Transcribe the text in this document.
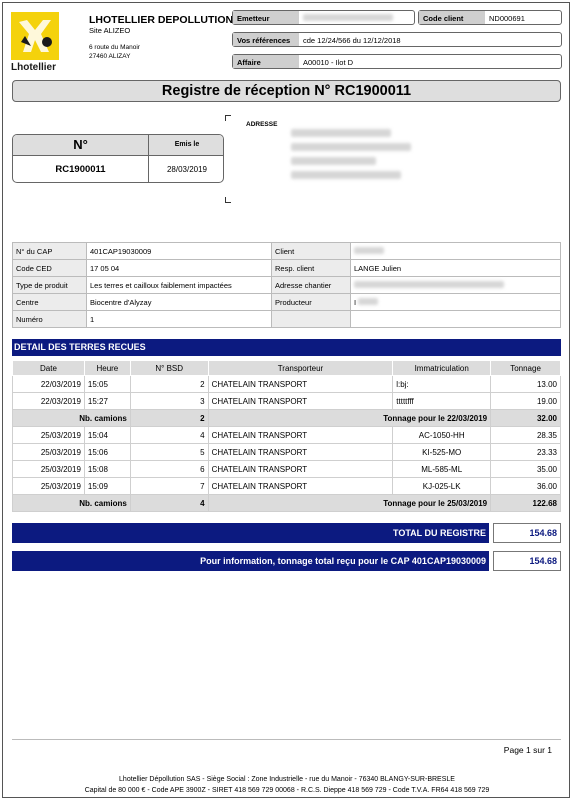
Lhotellier
LHOTELLIER DEPOLLUTION
Site ALIZEO
6 route du Manoir
27460 ALIZAY
Emetteur	Code client	ND000691
Vos références	cde 12/24/566 du 12/12/2018
Affaire	A00010 - Ilot D
Registre de réception N° RC1900011
N°	Emis le
RC1900011	28/03/2019
ADRESSE
N° du CAP	401CAP19030009	Client	
Code CED	17 05 04	Resp. client	LANGE Julien
Type de produit	Les terres et cailloux faiblement impactées	Adresse chantier	
Centre	Biocentre d'Alyzay	Producteur	I
Numéro	1		
DETAIL DES TERRES RECUES
Date	Heure	N° BSD	Transporteur	Immatriculation	Tonnage
22/03/2019	15:05	2	CHATELAIN TRANSPORT	l:bj:	13.00
22/03/2019	15:27	3	CHATELAIN TRANSPORT	tttttfff	19.00
Nb. camions		2	Tonnage pour le 22/03/2019		32.00
25/03/2019	15:04	4	CHATELAIN TRANSPORT	AC-1050-HH	28.35
25/03/2019	15:06	5	CHATELAIN TRANSPORT	KI-525-MO	23.33
25/03/2019	15:08	6	CHATELAIN TRANSPORT	ML-585-ML	35.00
25/03/2019	15:09	7	CHATELAIN TRANSPORT	KJ-025-LK	36.00
Nb. camions		4	Tonnage pour le 25/03/2019		122.68
TOTAL DU REGISTRE	154.68
Pour information, tonnage total reçu pour le CAP 401CAP19030009	154.68
Page 1 sur 1
Lhotellier Dépollution SAS - Siège Social : Zone Industrielle - rue du Manoir - 76340 BLANGY-SUR-BRESLE
Capital de 80 000 € - Code APE 3900Z - SIRET 418 569 729 00068 - R.C.S. Dieppe 418 569 729 - Code T.V.A. FR64 418 569 729
